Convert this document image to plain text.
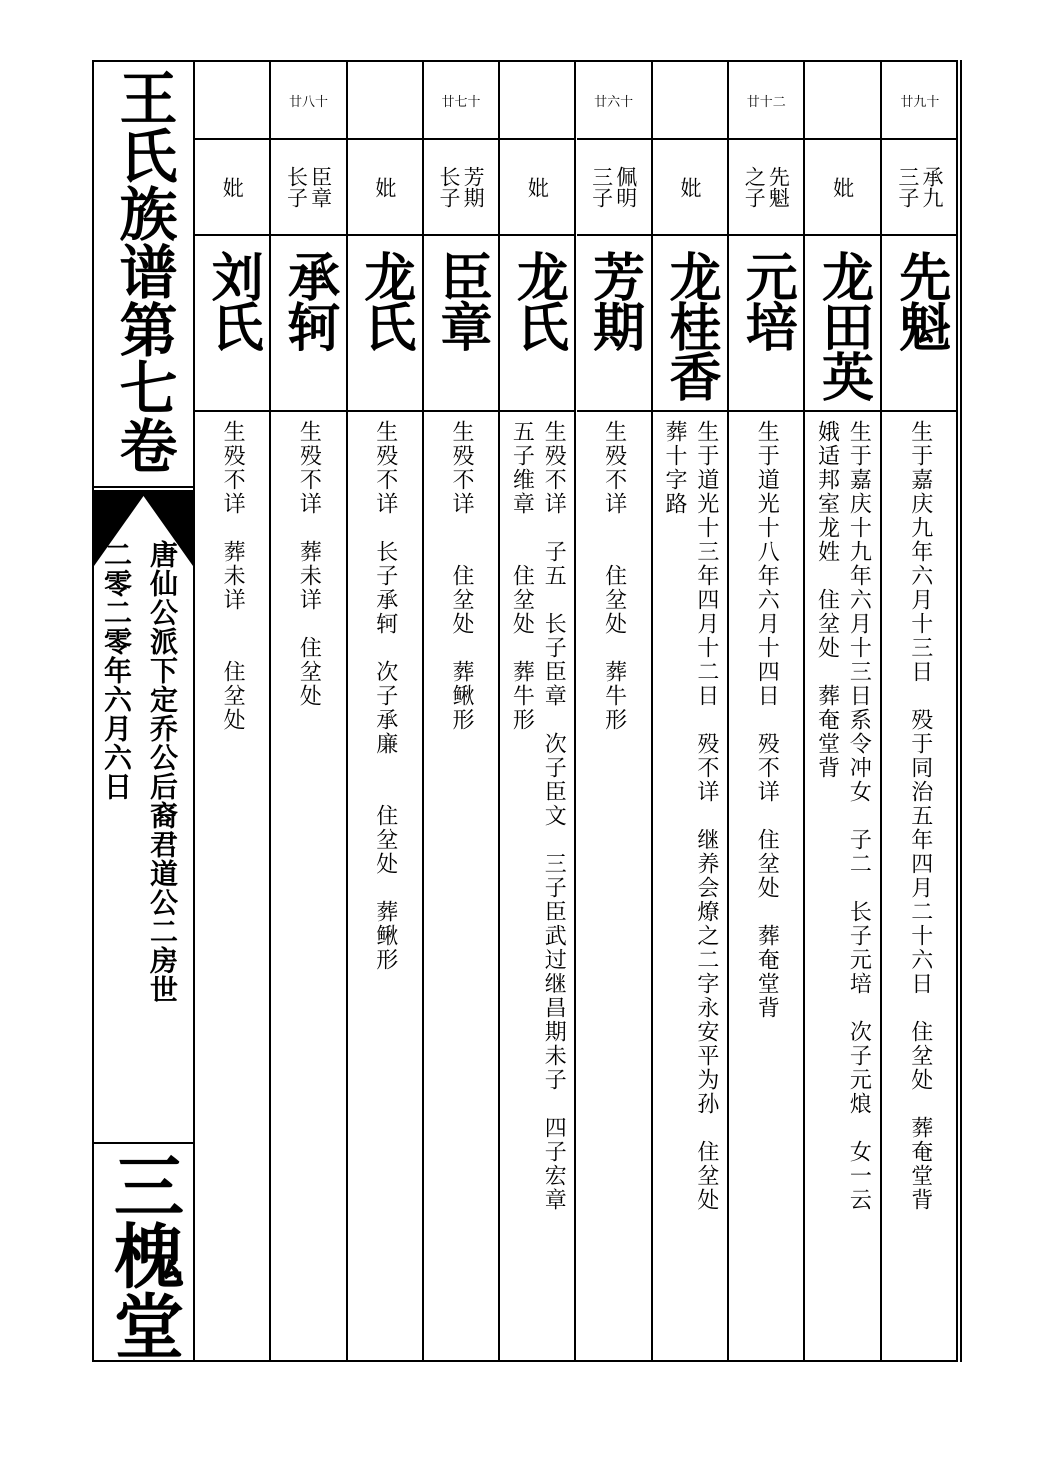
王氏族谱第七卷
唐仙公派下定乔公后裔君道公二房世
二零二零年六月六日
三槐堂
廿九十
承九
三子
先魁
生于嘉庆九年六月十三日　殁于同治五年四月二十六日　住坌处　葬奄堂背
妣
龙田英
生于嘉庆十九年六月十三日系令冲女　子二　长子元培　次子元烺　女一云
娥适邦室龙姓　住坌处　葬奄堂背
廿十二
先魁
之子
元培
生于道光十八年六月十四日　殁不详　住坌处　葬奄堂背
妣
龙桂香
生于道光十三年四月十二日　殁不详　继养会燎之二字永安平为孙　住坌处
葬十字路
廿六十
佩明
三子
芳期
生殁不详　　住坌处　葬牛形
妣
龙氏
生殁不详　子五　长子臣章　次子臣文　三子臣武过继昌期未子　四子宏章
五子维章　　住坌处　葬牛形
廿七十
芳期
长子
臣章
生殁不详　　住坌处　葬鳅形
妣
龙氏
生殁不详　长子承轲　次子承廉　　住坌处　葬鳅形
廿八十
臣章
长子
承轲
生殁不详　葬未详　住坌处
妣
刘氏
生殁不详　葬未详　　住坌处
